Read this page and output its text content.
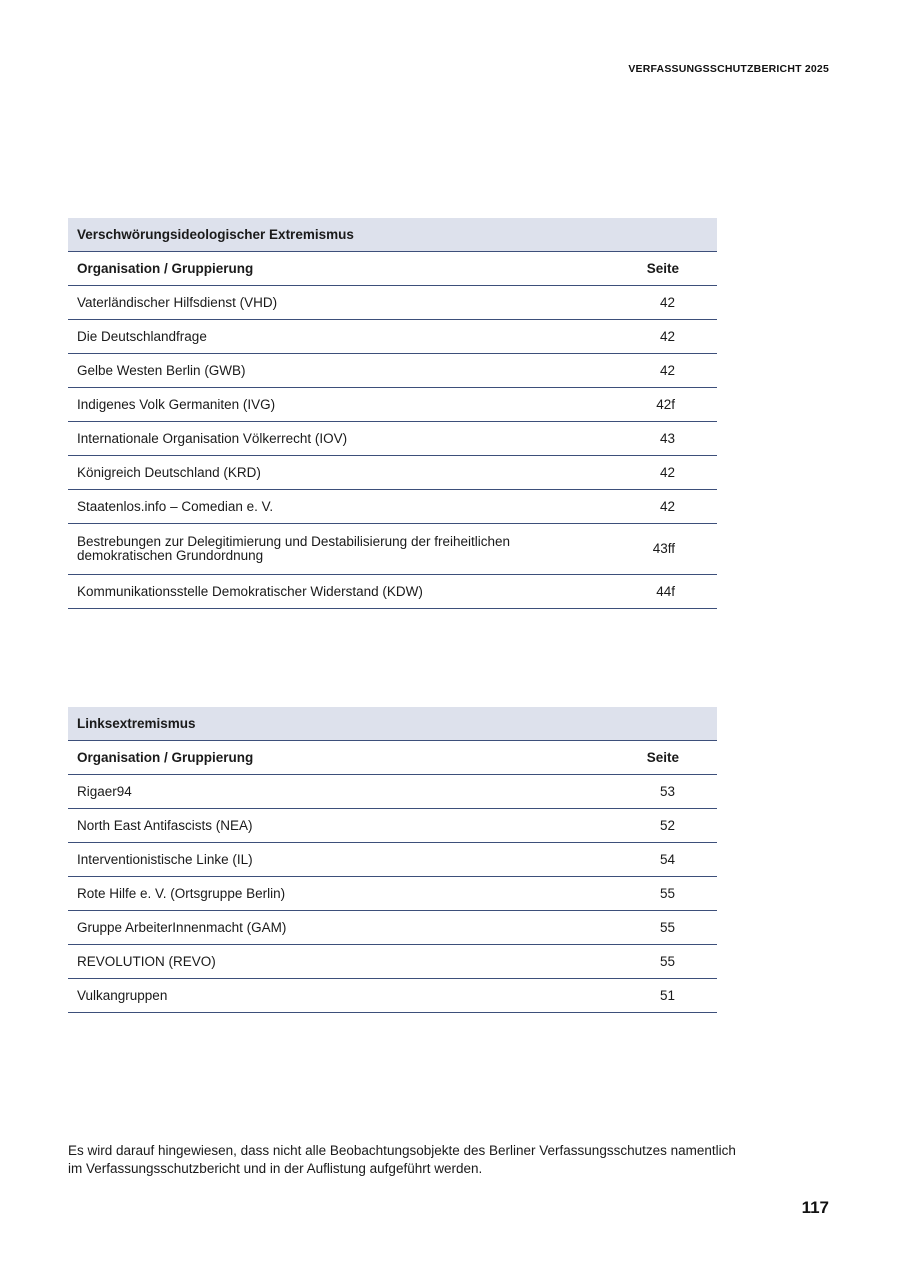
VERFASSUNGSSCHUTZBERICHT 2025
Verschwörungsideologischer Extremismus	
Organisation / Gruppierung	Seite
Vaterländischer Hilfsdienst (VHD)	42
Die Deutschlandfrage	42
Gelbe Westen Berlin (GWB)	42
Indigenes Volk Germaniten (IVG)	42f
Internationale Organisation Völkerrecht (IOV)	43
Königreich Deutschland (KRD)	42
Staatenlos.info – Comedian e. V.	42
Bestrebungen zur Delegitimierung und Destabilisierung der freiheitlichen demokratischen Grundordnung	43ff
Kommunikationsstelle Demokratischer Widerstand (KDW)	44f
Linksextremismus	
Organisation / Gruppierung	Seite
Rigaer94	53
North East Antifascists (NEA)	52
Interventionistische Linke (IL)	54
Rote Hilfe e. V. (Ortsgruppe Berlin)	55
Gruppe ArbeiterInnenmacht (GAM)	55
REVOLUTION (REVO)	55
Vulkangruppen	51

Es wird darauf hingewiesen, dass nicht alle Beobachtungsobjekte des Berliner Verfassungsschutzes namentlich im Verfassungsschutzbericht und in der Auflistung aufgeführt werden.

117
